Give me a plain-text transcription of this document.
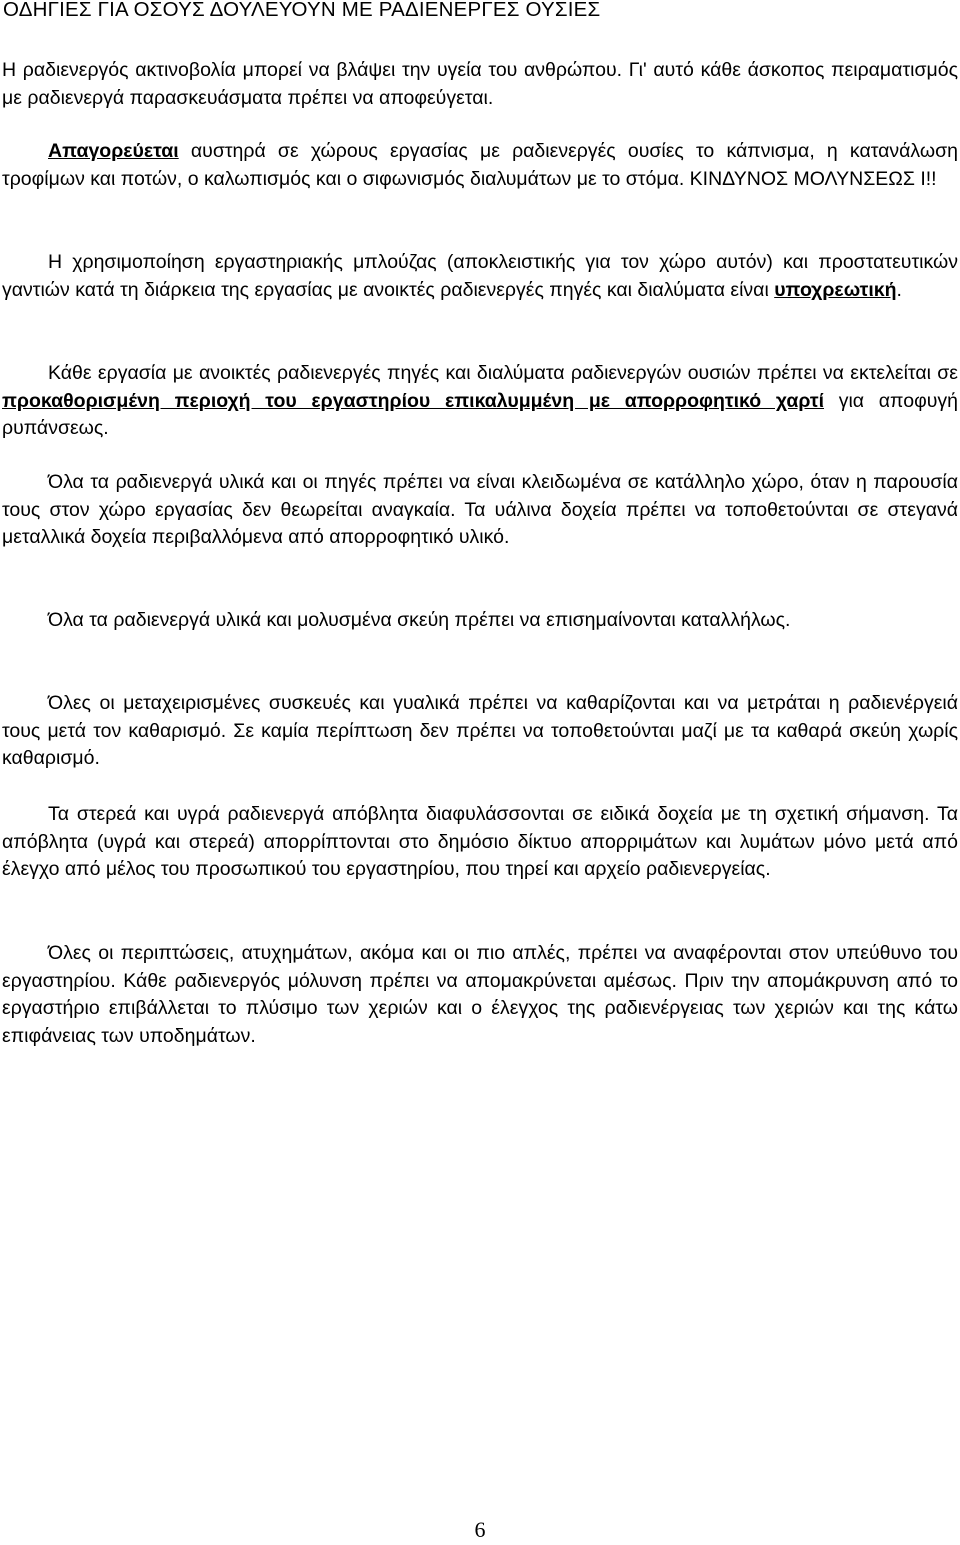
ΟΔΗΓΙΕΣ ΓΙΑ ΟΣΟΥΣ ΔΟΥΛΕΥΟΥΝ ΜΕ ΡΑΔΙΕΝΕΡΓΕΣ ΟΥΣΙΕΣ

Η ραδιενεργός ακτινοβολία μπορεί να βλάψει την υγεία του ανθρώπου. Γι' αυτό κάθε άσκοπος πειραματισμός με ραδιενεργά παρασκευάσματα πρέπει να αποφεύγεται.

Απαγορεύεται αυστηρά σε χώρους εργασίας με ραδιενεργές ουσίες το κάπνισμα, η κατανάλωση τροφίμων και ποτών, ο καλωπισμός και ο σιφωνισμός διαλυμάτων με το στόμα. ΚΙΝΔΥΝΟΣ ΜΟΛΥΝΣΕΩΣ Ι!!

Η χρησιμοποίηση εργαστηριακής μπλούζας (αποκλειστικής για τον χώρο αυτόν) και προστατευτικών γαντιών κατά τη διάρκεια της εργασίας με ανοικτές ραδιενεργές πηγές και διαλύματα είναι υποχρεωτική.

Κάθε εργασία με ανοικτές ραδιενεργές πηγές και διαλύματα ραδιενεργών ουσιών πρέπει να εκτελείται σε προκαθορισμένη περιοχή του εργαστηρίου επικαλυμμένη με απορροφητικό χαρτί για αποφυγή ρυπάνσεως.

Όλα τα ραδιενεργά υλικά και οι πηγές πρέπει να είναι κλειδωμένα σε κατάλληλο χώρο, όταν η παρουσία τους στον χώρο εργασίας δεν θεωρείται αναγκαία. Τα υάλινα δοχεία πρέπει να τοποθετούνται σε στεγανά μεταλλικά δοχεία περιβαλλόμενα από απορροφητικό υλικό.

Όλα τα ραδιενεργά υλικά και μολυσμένα σκεύη πρέπει να επισημαίνονται καταλλήλως.

Όλες οι μεταχειρισμένες συσκευές και γυαλικά πρέπει να καθαρίζονται και να μετράται η ραδιενέργειά τους μετά τον καθαρισμό. Σε καμία περίπτωση δεν πρέπει να τοποθετούνται μαζί με τα καθαρά σκεύη χωρίς καθαρισμό.

Τα στερεά και υγρά ραδιενεργά απόβλητα διαφυλάσσονται σε ειδικά δοχεία με τη σχετική σήμανση. Τα απόβλητα (υγρά και στερεά) απορρίπτονται στο δημόσιο δίκτυο απορριμάτων και λυμάτων μόνο μετά από έλεγχο από μέλος του προσωπικού του εργαστηρίου, που τηρεί και αρχείο ραδιενεργείας.

Όλες οι περιπτώσεις, ατυχημάτων, ακόμα και οι πιο απλές, πρέπει να αναφέρονται στον υπεύθυνο του εργαστηρίου. Κάθε ραδιενεργός μόλυνση πρέπει να απομακρύνεται αμέσως. Πριν την απομάκρυνση από το εργαστήριο επιβάλλεται το πλύσιμο των χεριών και ο έλεγχος της ραδιενέργειας των χεριών και της κάτω επιφάνειας των υποδημάτων.

6
